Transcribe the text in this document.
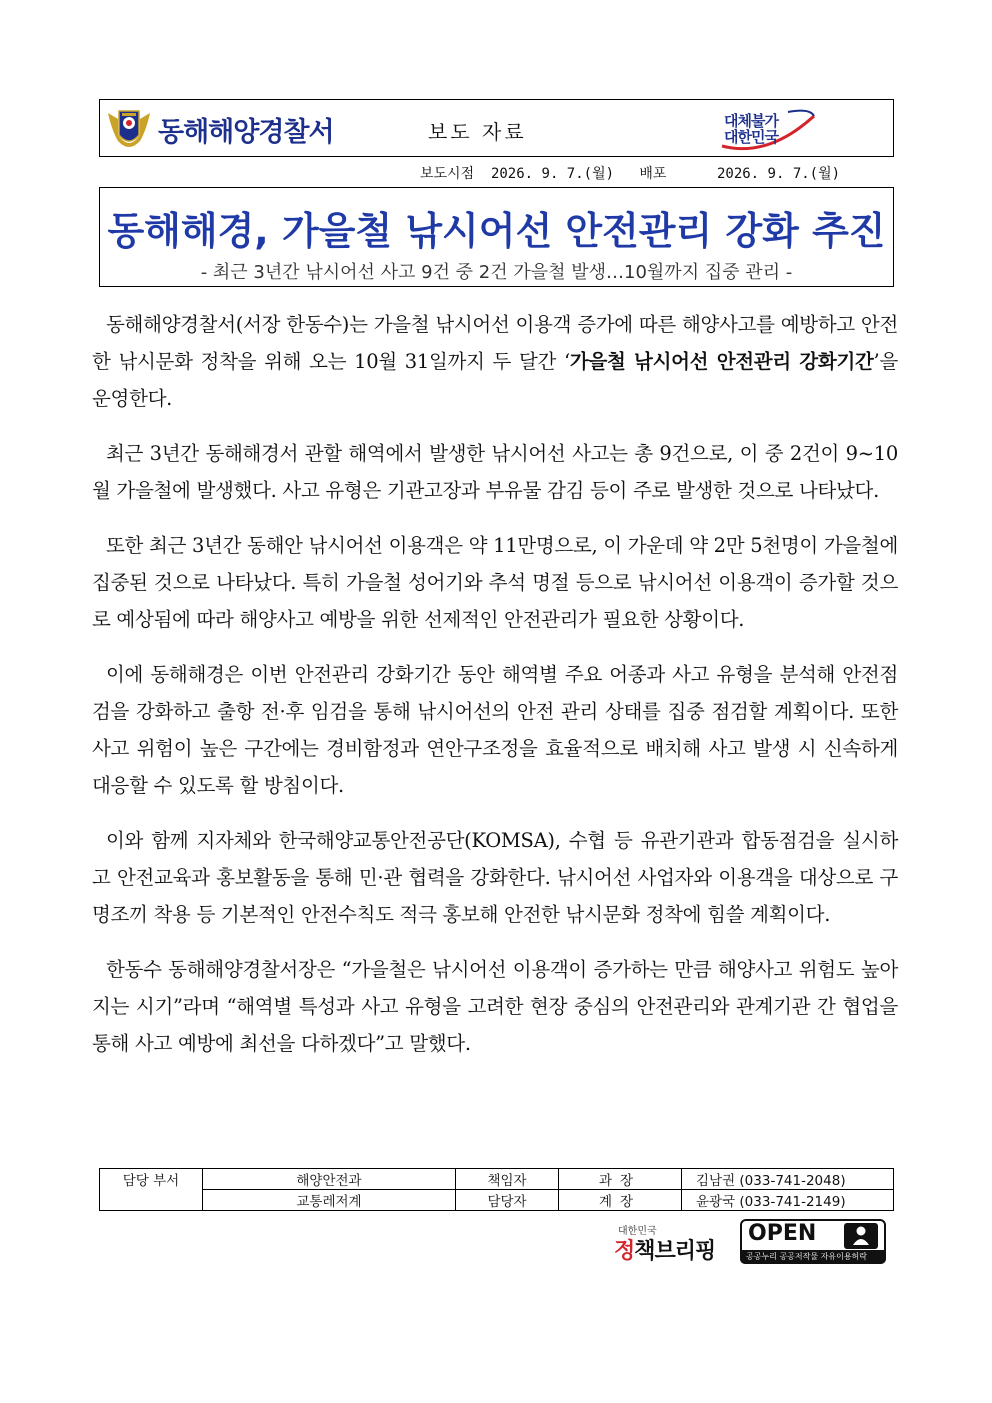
동해해양경찰서	보도 자료	대체불가
대한민국
보도시점  2026. 9. 7.(월)   배포      2026. 9. 7.(월)
동해해경, 가을철 낚시어선 안전관리 강화 추진
- 최근 3년간 낚시어선 사고 9건 중 2건 가을철 발생…10월까지 집중 관리 -

동해해양경찰서(서장 한동수)는 가을철 낚시어선 이용객 증가에 따른 해양사고를 예방하고 안전한 낚시문화 정착을 위해 오는 10월 31일까지 두 달간 ‘가을철 낚시어선 안전관리 강화기간’을 운영한다.

최근 3년간 동해해경서 관할 해역에서 발생한 낚시어선 사고는 총 9건으로, 이 중 2건이 9~10월 가을철에 발생했다. 사고 유형은 기관고장과 부유물 감김 등이 주로 발생한 것으로 나타났다.

또한 최근 3년간 동해안 낚시어선 이용객은 약 11만명으로, 이 가운데 약 2만 5천명이 가을철에 집중된 것으로 나타났다. 특히 가을철 성어기와 추석 명절 등으로 낚시어선 이용객이 증가할 것으로 예상됨에 따라 해양사고 예방을 위한 선제적인 안전관리가 필요한 상황이다.

이에 동해해경은 이번 안전관리 강화기간 동안 해역별 주요 어종과 사고 유형을 분석해 안전점검을 강화하고 출항 전·후 임검을 통해 낚시어선의 안전 관리 상태를 집중 점검할 계획이다. 또한 사고 위험이 높은 구간에는 경비함정과 연안구조정을 효율적으로 배치해 사고 발생 시 신속하게 대응할 수 있도록 할 방침이다.

이와 함께 지자체와 한국해양교통안전공단(KOMSA), 수협 등 유관기관과 합동점검을 실시하고 안전교육과 홍보활동을 통해 민·관 협력을 강화한다. 낚시어선 사업자와 이용객을 대상으로 구명조끼 착용 등 기본적인 안전수칙도 적극 홍보해 안전한 낚시문화 정착에 힘쓸 계획이다.

한동수 동해해양경찰서장은 “가을철은 낚시어선 이용객이 증가하는 만큼 해양사고 위험도 높아지는 시기”라며 “해역별 특성과 사고 유형을 고려한 현장 중심의 안전관리와 관계기관 간 협업을 통해 사고 예방에 최선을 다하겠다”고 말했다.

담당 부서	해양안전과	책임자	과장	김남권 (033-741-2048)
	교통레저계	담당자	계장	윤광국 (033-741-2149)
대한민국
정책브리핑
OPEN
공공누리 공공저작물 자유이용허락
